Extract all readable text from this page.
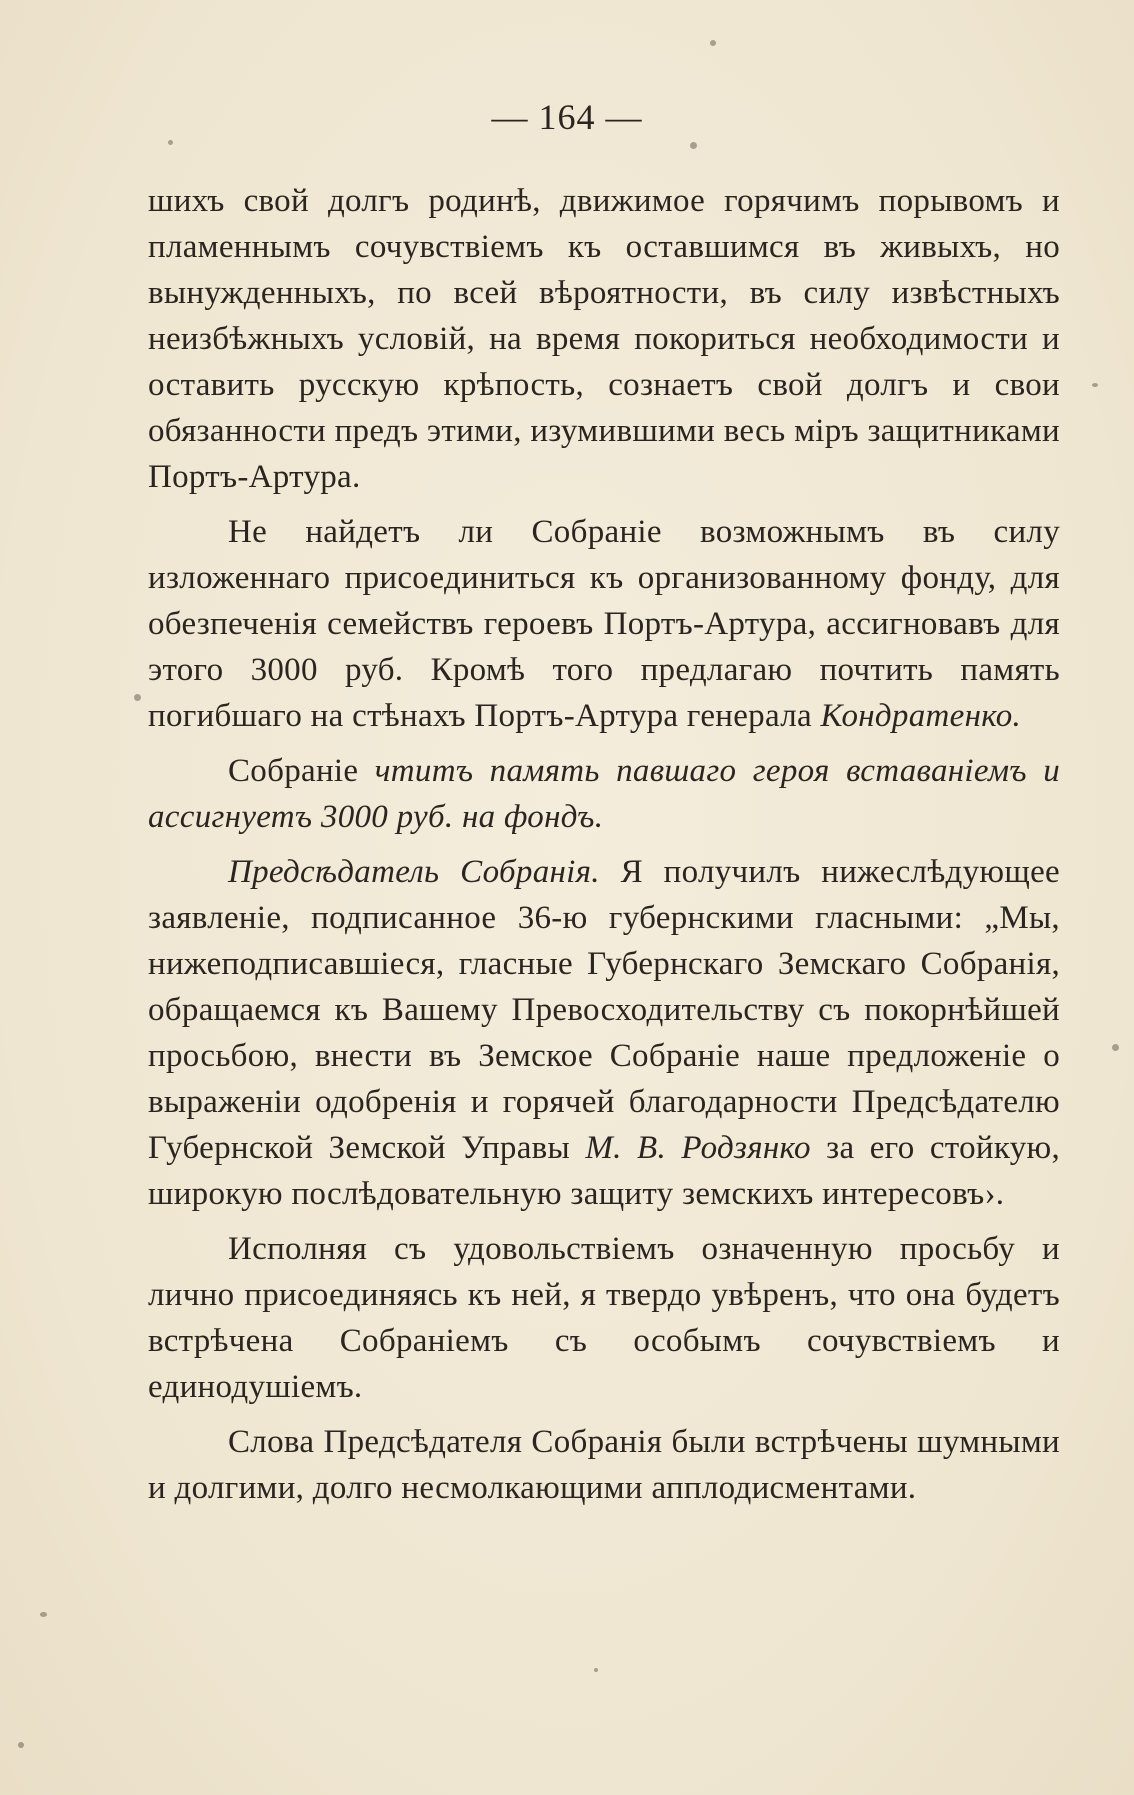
— 164 —

шихъ свой долгъ родинѣ, движимое горячимъ порывомъ и пламеннымъ сочувствіемъ къ оставшимся въ живыхъ, но вынужденныхъ, по всей вѣроятности, въ силу извѣстныхъ неизбѣжныхъ условій, на время покориться необходимости и оставить русскую крѣпость, сознаетъ свой долгъ и свои обязанности предъ этими, изумившими весь міръ защитниками Портъ-Артура.

Не найдетъ ли Собраніе возможнымъ въ силу изложеннаго присоединиться къ организованному фонду, для обезпеченія семействъ героевъ Портъ-Артура, ассигновавъ для этого 3000 руб. Кромѣ того предлагаю почтить память погибшаго на стѣнахъ Портъ-Артура генерала Кондратенко.

Собраніе чтитъ память павшаго героя вставаніемъ и ассигнуетъ 3000 руб. на фондъ.

Предсѣдатель Собранія. Я получилъ нижеслѣдующее заявленіе, подписанное 36-ю губернскими гласными: „Мы, нижеподписавшіеся, гласные Губернскаго Земскаго Собранія, обращаемся къ Вашему Превосходительству съ покорнѣйшей просьбою, внести въ Земское Собраніе наше предложеніе о выраженіи одобренія и горячей благодарности Предсѣдателю Губернской Земской Управы М. В. Родзянко за его стойкую, широкую послѣдовательную защиту земскихъ интересовъ›.

Исполняя съ удовольствіемъ означенную просьбу и лично присоединяясь къ ней, я твердо увѣренъ, что она будетъ встрѣчена Собраніемъ съ особымъ сочувствіемъ и единодушіемъ.

Слова Предсѣдателя Собранія были встрѣчены шумными и долгими, долго несмолкающими апплодисментами.
